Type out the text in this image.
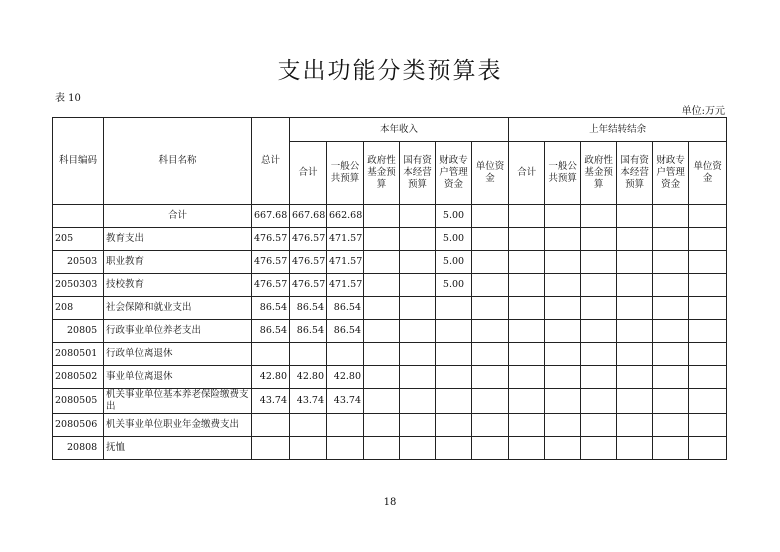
支出功能分类预算表
表 10
单位:万元
科目编码	科目名称	总计	本年收入						上年结转结余					
			合计	一般公共预算	政府性基金预算	国有资本经营预算	财政专户管理资金	单位资金	合计	一般公共预算	政府性基金预算	国有资本经营预算	财政专户管理资金	单位资金
	合计	667.68	667.68	662.68			5.00							
205	教育支出	476.57	476.57	471.57			5.00							
20503	职业教育	476.57	476.57	471.57			5.00							
2050303	技校教育	476.57	476.57	471.57			5.00							
208	社会保障和就业支出	86.54	86.54	86.54										
20805	行政事业单位养老支出	86.54	86.54	86.54										
2080501	行政单位离退休													
2080502	事业单位离退休	42.80	42.80	42.80										
2080505	机关事业单位基本养老保险缴费支出	43.74	43.74	43.74										
2080506	机关事业单位职业年金缴费支出													
20808	抚恤													
18
